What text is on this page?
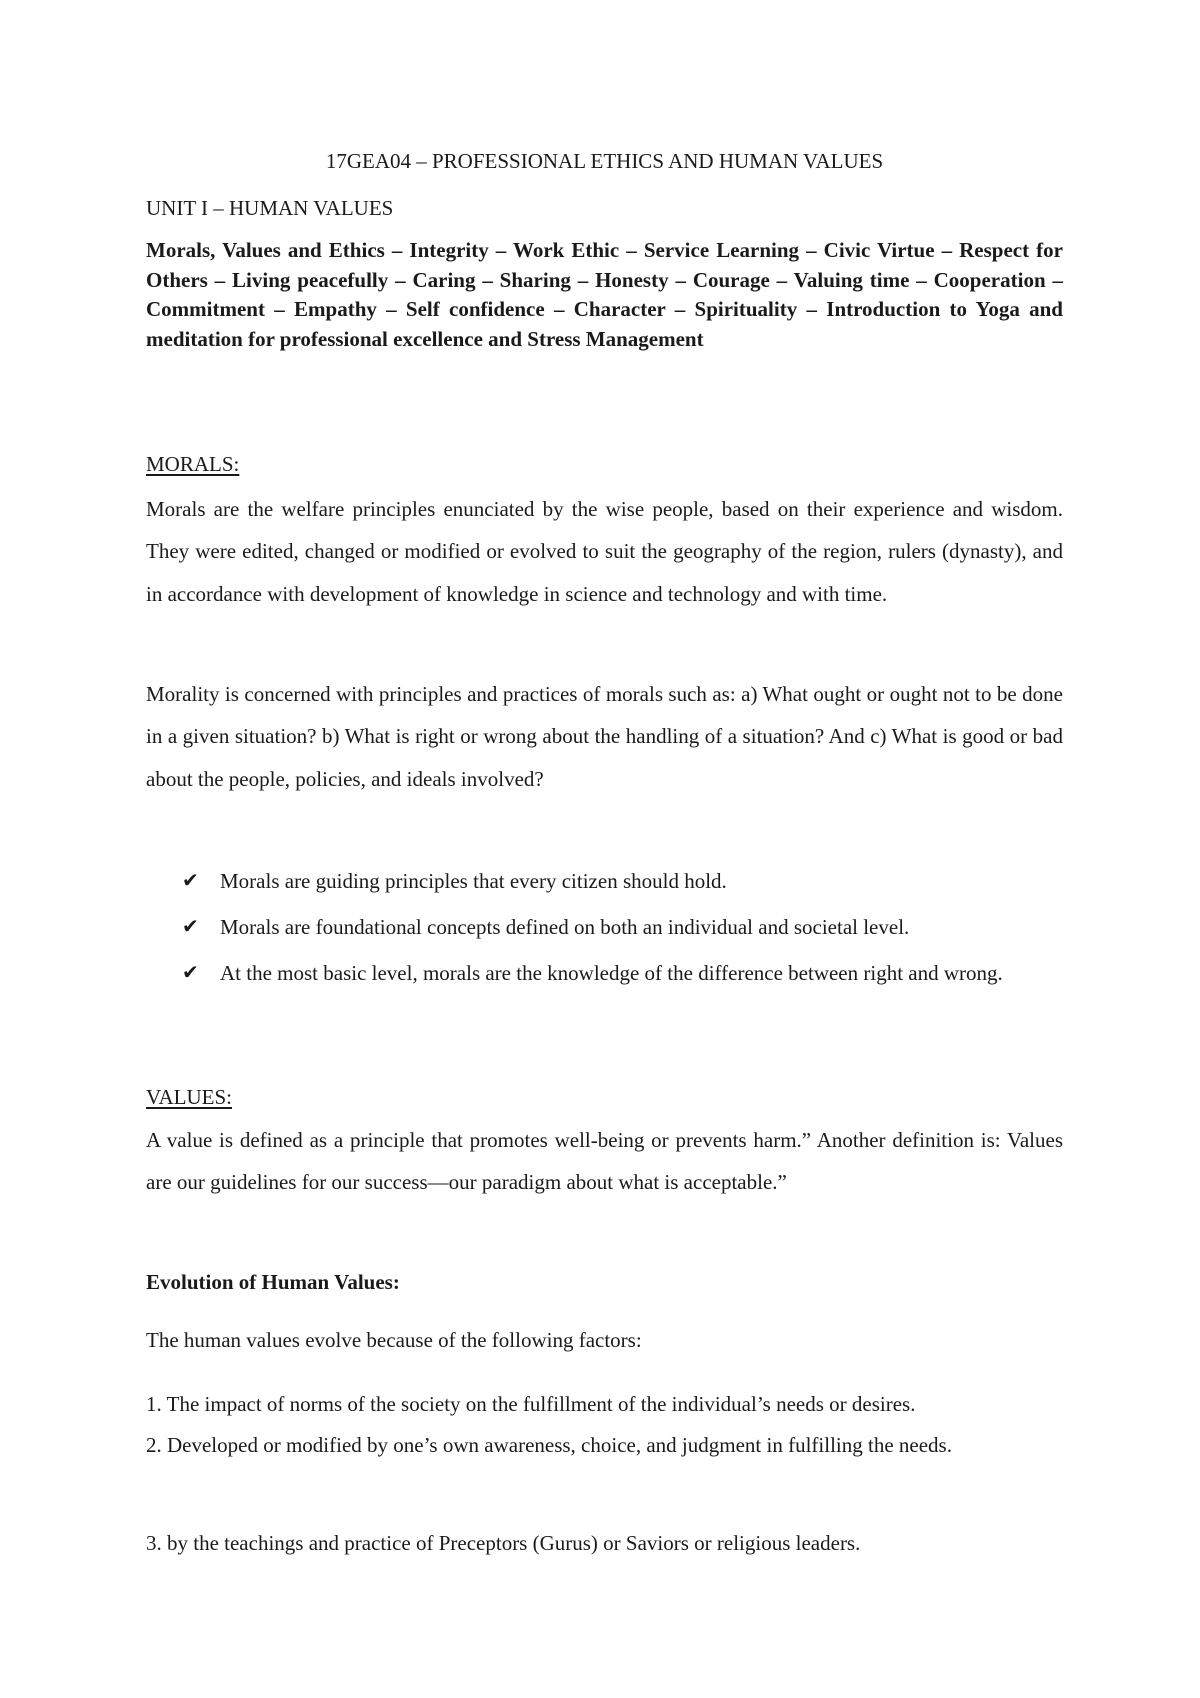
17GEA04 – PROFESSIONAL ETHICS AND HUMAN VALUES
UNIT I – HUMAN VALUES
Morals, Values and Ethics – Integrity – Work Ethic – Service Learning – Civic Virtue – Respect for Others – Living peacefully – Caring – Sharing – Honesty – Courage – Valuing time – Cooperation – Commitment – Empathy – Self confidence – Character – Spirituality – Introduction to Yoga and meditation for professional excellence and Stress Management
MORALS:
Morals are the welfare principles enunciated by the wise people, based on their experience and wisdom. They were edited, changed or modified or evolved to suit the geography of the region, rulers (dynasty), and in accordance with development of knowledge in science and technology and with time.
Morality is concerned with principles and practices of morals such as: a) What ought or ought not to be done in a given situation? b) What is right or wrong about the handling of a situation? And c) What is good or bad about the people, policies, and ideals involved?
✔ Morals are guiding principles that every citizen should hold.
✔ Morals are foundational concepts defined on both an individual and societal level.
✔ At the most basic level, morals are the knowledge of the difference between right and wrong.
VALUES:
A value is defined as a principle that promotes well-being or prevents harm.” Another definition is: Values are our guidelines for our success—our paradigm about what is acceptable.”
Evolution of Human Values:
The human values evolve because of the following factors:
1. The impact of norms of the society on the fulfillment of the individual’s needs or desires.
2. Developed or modified by one’s own awareness, choice, and judgment in fulfilling the needs.
3. by the teachings and practice of Preceptors (Gurus) or Saviors or religious leaders.
